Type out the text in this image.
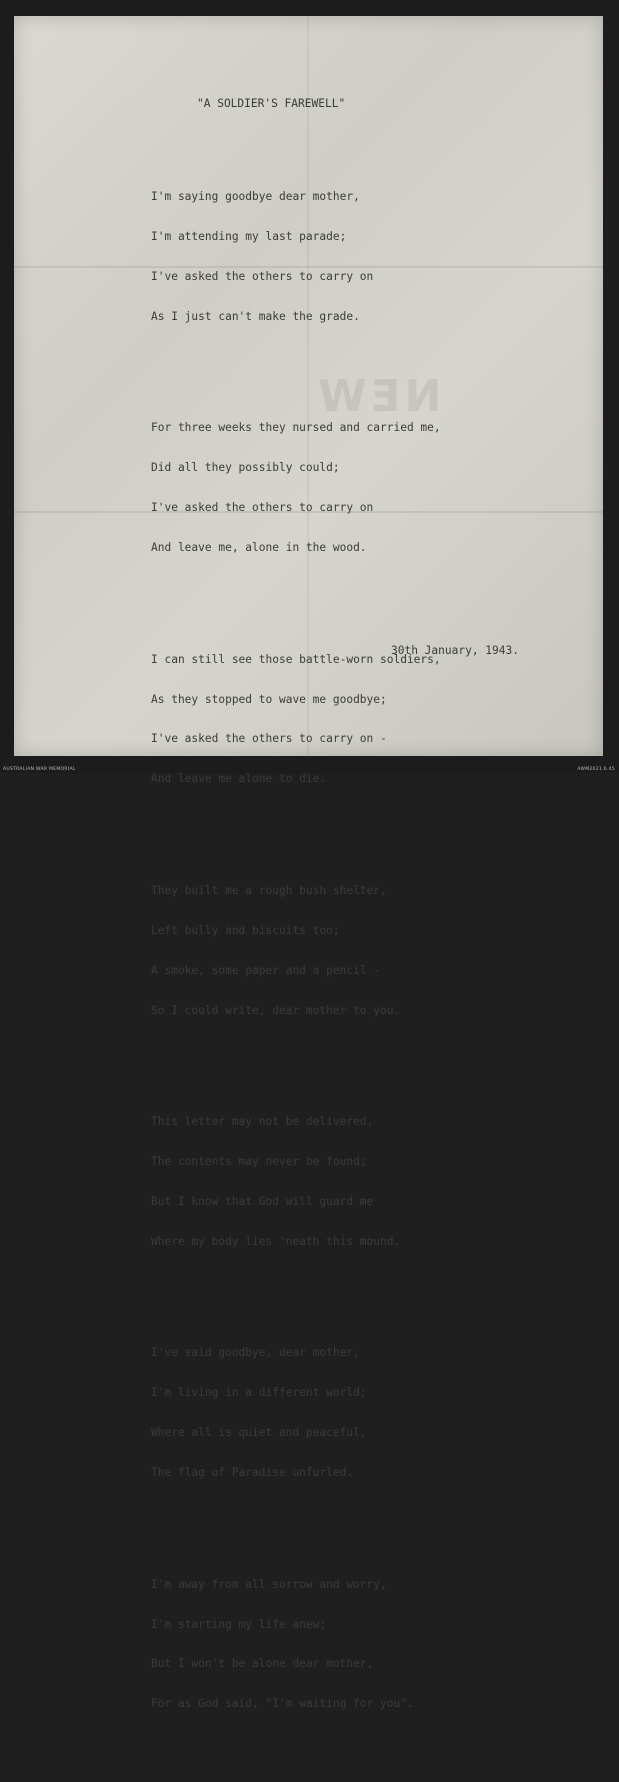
NEW
"A SOLDIER'S FAREWELL"

I'm saying goodbye dear mother,

I'm attending my last parade;

I've asked the others to carry on

As I just can't make the grade.

For three weeks they nursed and carried me,

Did all they possibly could;

I've asked the others to carry on

And leave me, alone in the wood.

I can still see those battle-worn soldiers,

As they stopped to wave me goodbye;

I've asked the others to carry on -

And leave me alone to die.

They built me a rough bush shelter,

Left bully and biscuits too;

A smoke, some paper and a pencil -

So I could write, dear mother to you.

This letter may not be delivered,

The contents may never be found;

But I know that God will guard me

Where my body lies 'neath this mound.

I've said goodbye, dear mother,

I'm living in a different world;

Where all is quiet and peaceful,

The flag of Paradise unfurled.

I'm away from all sorrow and worry,

I'm starting my life anew;

But I won't be alone dear mother,

For as God said, "I'm waiting for you".

30th January, 1943.
AUSTRALIAN WAR MEMORIAL	AWM2021.6.45
